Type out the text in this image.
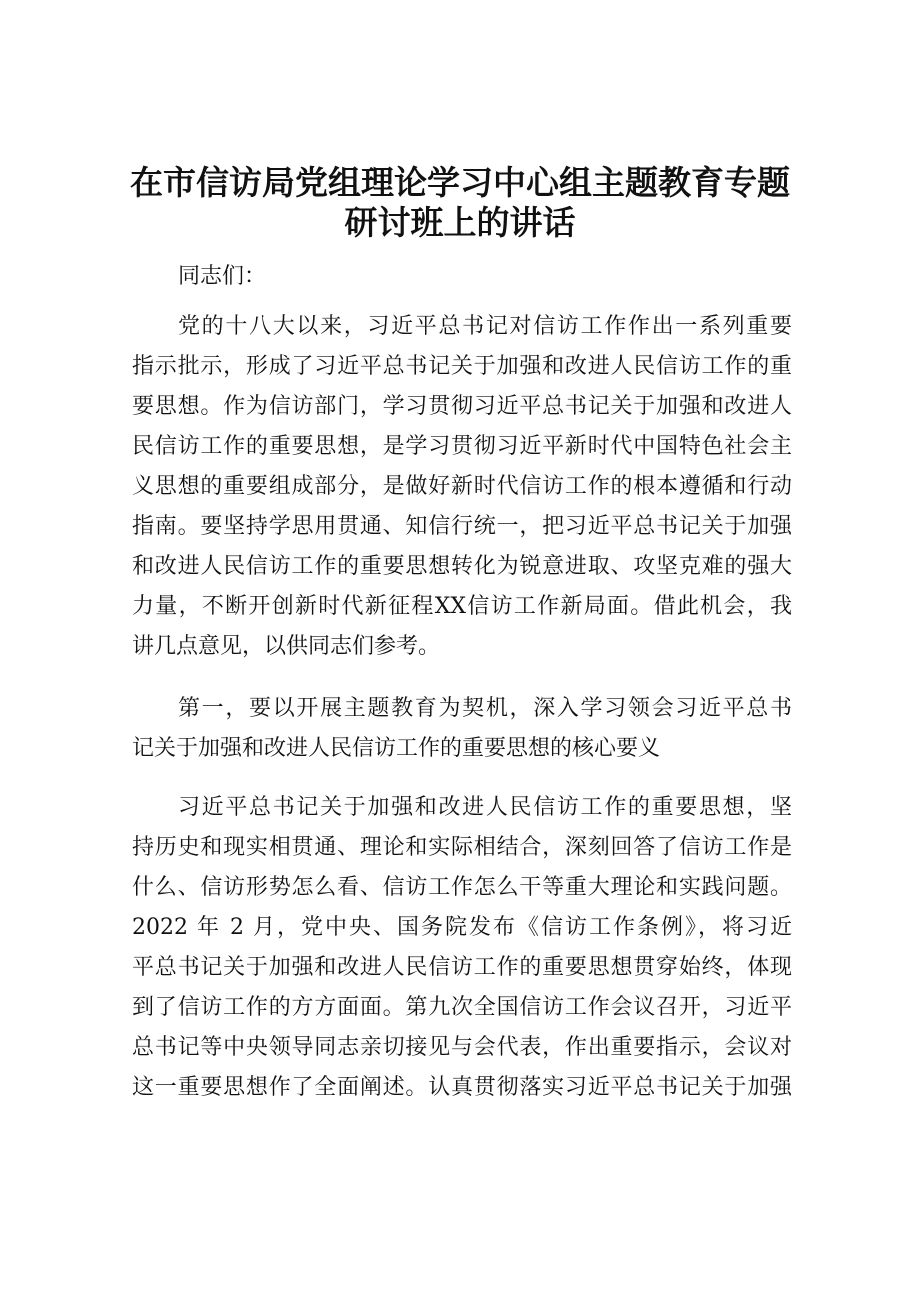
在市信访局党组理论学习中心组主题教育专题
研讨班上的讲话
同志们：
党的十八大以来，习近平总书记对信访工作作出一系列重要
指示批示，形成了习近平总书记关于加强和改进人民信访工作的重
要思想。作为信访部门，学习贯彻习近平总书记关于加强和改进人
民信访工作的重要思想，是学习贯彻习近平新时代中国特色社会主
义思想的重要组成部分，是做好新时代信访工作的根本遵循和行动
指南。要坚持学思用贯通、知信行统一，把习近平总书记关于加强
和改进人民信访工作的重要思想转化为锐意进取、攻坚克难的强大
力量，不断开创新时代新征程XX信访工作新局面。借此机会，我
讲几点意见，以供同志们参考。
第一，要以开展主题教育为契机，深入学习领会习近平总书
记关于加强和改进人民信访工作的重要思想的核心要义
习近平总书记关于加强和改进人民信访工作的重要思想，坚
持历史和现实相贯通、理论和实际相结合，深刻回答了信访工作是
什么、信访形势怎么看、信访工作怎么干等重大理论和实践问题。
2022 年 2 月，党中央、国务院发布《信访工作条例》，将习近
平总书记关于加强和改进人民信访工作的重要思想贯穿始终，体现
到了信访工作的方方面面。第九次全国信访工作会议召开，习近平
总书记等中央领导同志亲切接见与会代表，作出重要指示，会议对
这一重要思想作了全面阐述。认真贯彻落实习近平总书记关于加强
